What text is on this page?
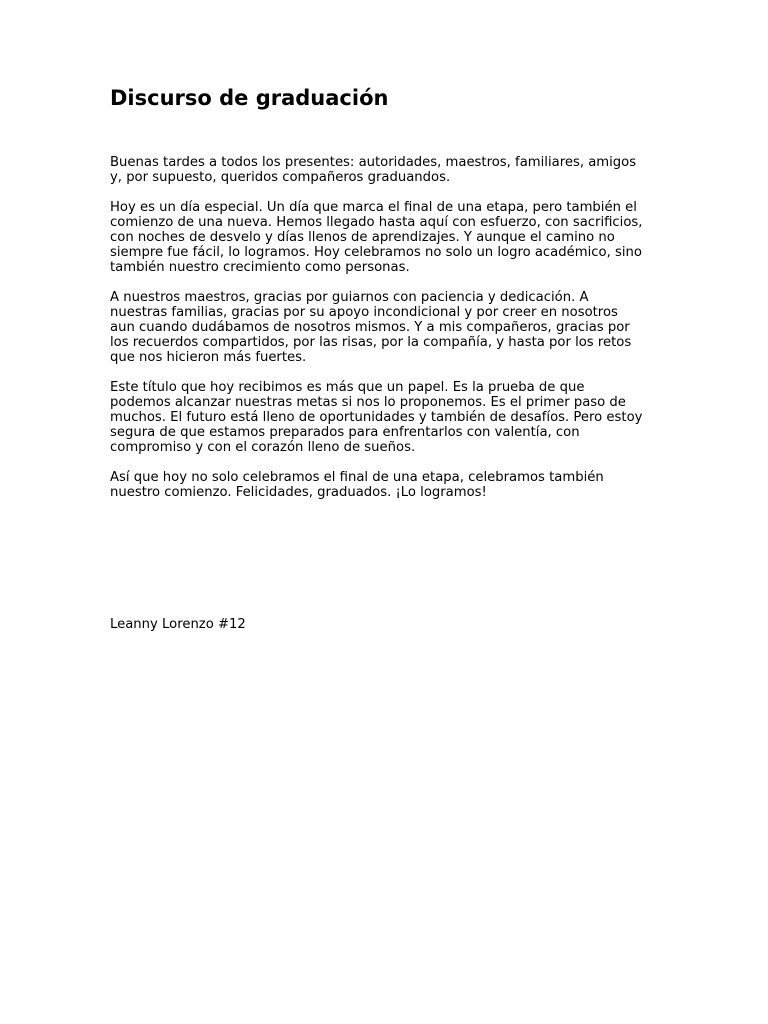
Discurso de graduación

Buenas tardes a todos los presentes: autoridades, maestros, familiares, amigos
y, por supuesto, queridos compañeros graduandos.

Hoy es un día especial. Un día que marca el final de una etapa, pero también el
comienzo de una nueva. Hemos llegado hasta aquí con esfuerzo, con sacrificios,
con noches de desvelo y días llenos de aprendizajes. Y aunque el camino no
siempre fue fácil, lo logramos. Hoy celebramos no solo un logro académico, sino
también nuestro crecimiento como personas.

A nuestros maestros, gracias por guiarnos con paciencia y dedicación. A
nuestras familias, gracias por su apoyo incondicional y por creer en nosotros
aun cuando dudábamos de nosotros mismos. Y a mis compañeros, gracias por
los recuerdos compartidos, por las risas, por la compañía, y hasta por los retos
que nos hicieron más fuertes.

Este título que hoy recibimos es más que un papel. Es la prueba de que
podemos alcanzar nuestras metas si nos lo proponemos. Es el primer paso de
muchos. El futuro está lleno de oportunidades y también de desafíos. Pero estoy
segura de que estamos preparados para enfrentarlos con valentía, con
compromiso y con el corazón lleno de sueños.

Así que hoy no solo celebramos el final de una etapa, celebramos también
nuestro comienzo. Felicidades, graduados. ¡Lo logramos!

Leanny Lorenzo #12
